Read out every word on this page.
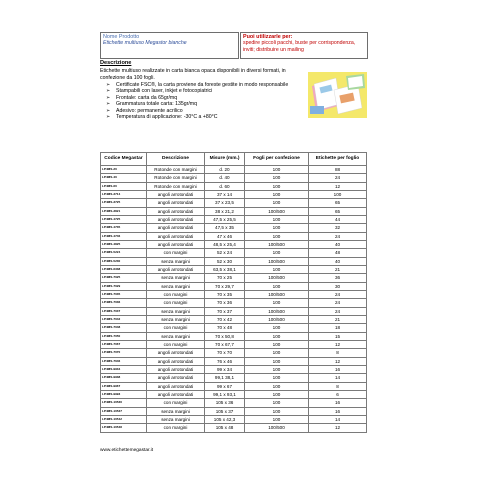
Nome Prodotto
Etichette multiuso Megastor bianche
Puoi utilizzarle per:
spedire piccoli pacchi, buste per corrispondenza,
inviti; distribuire un mailing
Descrizione
Etichette multiuso realizzate in carta bianca opaca disponibili in diversi formati, in confezione da 100 fogli.
➢ Certificate FSC®, la carta proviene da foreste gestite in modo responsabile
➢ Stampabili con laser, inkjet e fotocopiatrici
➢ Frontale: carta da 65gr/mq
➢ Grammatura totale carta: 135gr/mq
➢ Adesivo: permanente acrilico
➢ Temperatura di applicazione: -30°C a +80°C
Codice Megastar	Descrizione	Misure (mm.)	Fogli per confezione	Etichette per foglio
LP4MS-20	Rotonde con margini	d. 20	100	88
LP4MS-40	Rotonde con margini	d. 40	100	24
LP4MS-60	Rotonde con margini	d. 60	100	12
LP4MS-3714	angoli arrotondati	37 x 14	100	100
LP4MS-3725	angoli arrotondati	37 x 23,5	100	65
LP4MS-3821	angoli arrotondati	38 x 21,2	100/500	65
LP4MS-4725	angoli arrotondati	47,5 x 25,5	100	44
LP4MS-4735	angoli arrotondati	47,5 x 35	100	32
LP4MS-4746	angoli arrotondati	47 x 46	100	24
LP4MS-4825	angoli arrotondati	48,5 x 25,4	100/500	40
LP4MS-5224	con margini	52 x 24	100	48
LP4MS-5230	senza margini	52 x 30	100/500	40
LP4MS-6338	angoli arrotondati	63,5 x 38,1	100	21
LP4MS-7025	senza margini	70 x 25	100/500	36
LP4MS-7029	senza margini	70 x 29,7	100	30
LP4MS-7035	con margini	70 x 35	100/500	24
LP4MS-7036	con margini	70 x 36	100	24
LP4MS-7037	senza margini	70 x 37	100/500	24
LP4MS-7042	senza margini	70 x 42	100/500	21
LP4MS-7048	con margini	70 x 48	100	18
LP4MS-7050	senza margini	70 x 50,8	100	15
LP4MS-7067	con margini	70 x 67,7	100	12
LP4MS-7070	angoli arrotondati	70 x 70	100	8
LP4MS-7646	angoli arrotondati	76 x 46	100	12
LP4MS-9934	angoli arrotondati	99 x 34	100	16
LP4MS-9938	angoli arrotondati	99,1 38,1	100	14
LP4MS-9967	angoli arrotondati	99 x 67	100	8
LP4MS-9993	angoli arrotondati	99,1 x 93,1	100	6
LP4MS-10536	con margini	105 x 36	100	16
LP4MS-10537	senza margini	105 x 37	100	16
LP4MS-10542	senza margini	105 x 42,3	100	14
LP4MS-10548	con margini	105 x 48	100/500	12
www.etichettemegastar.it
